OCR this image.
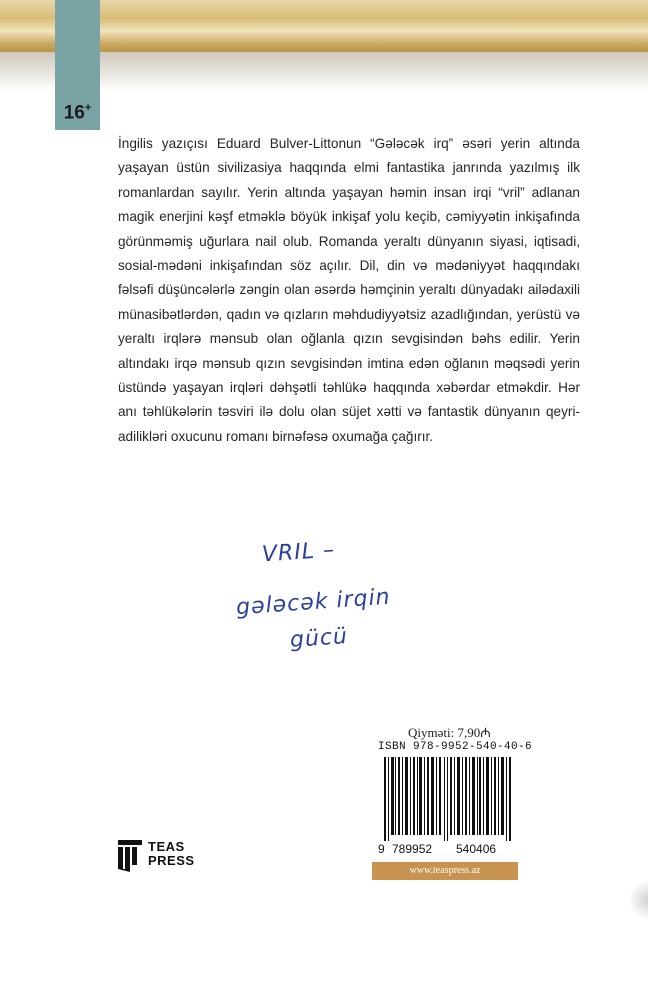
16+
İngilis yazıçısı Eduard Bulver-Littonun “Gələcək irq” əsəri yerin altında yaşayan üstün sivilizasiya haqqında elmi fantastika janrında yazılmış ilk romanlardan sayılır. Yerin altında yaşayan həmin insan irqi “vril” adlanan magik enerjini kəşf etməklə böyük inkişaf yolu keçib, cəmiyyətin inkişafında görünməmiş uğurlara nail olub. Romanda yeraltı dünyanın siyasi, iqtisadi, sosial-mədəni inkişafından söz açılır. Dil, din və mədəniyyət haqqındakı fəlsəfi düşüncələrlə zəngin olan əsərdə həmçinin yeraltı dünyadakı ailədaxili münasibətlərdən, qadın və qızların məhdudiyyətsiz azadlığından, yerüstü və yeraltı irqlərə mənsub olan oğlanla qızın sevgisindən bəhs edilir. Yerin altındakı irqə mənsub qızın sevgisindən imtina edən oğlanın məqsədi yerin üstündə yaşayan irqləri dəhşətli təhlükə haqqında xəbərdar etməkdir. Hər anı təhlükələrin təsviri ilə dolu olan süjet xətti və fantastik dünyanın qeyri-adilikləri oxucunu romanı birnəfəsə oxumağa çağırır.
VRIL –
gələcək irqin
gücü
Qiymәti: 7,90₼
ISBN 978-9952-540-40-6
9 789952 540406
www.teaspress.az
TEAS
PRESS
